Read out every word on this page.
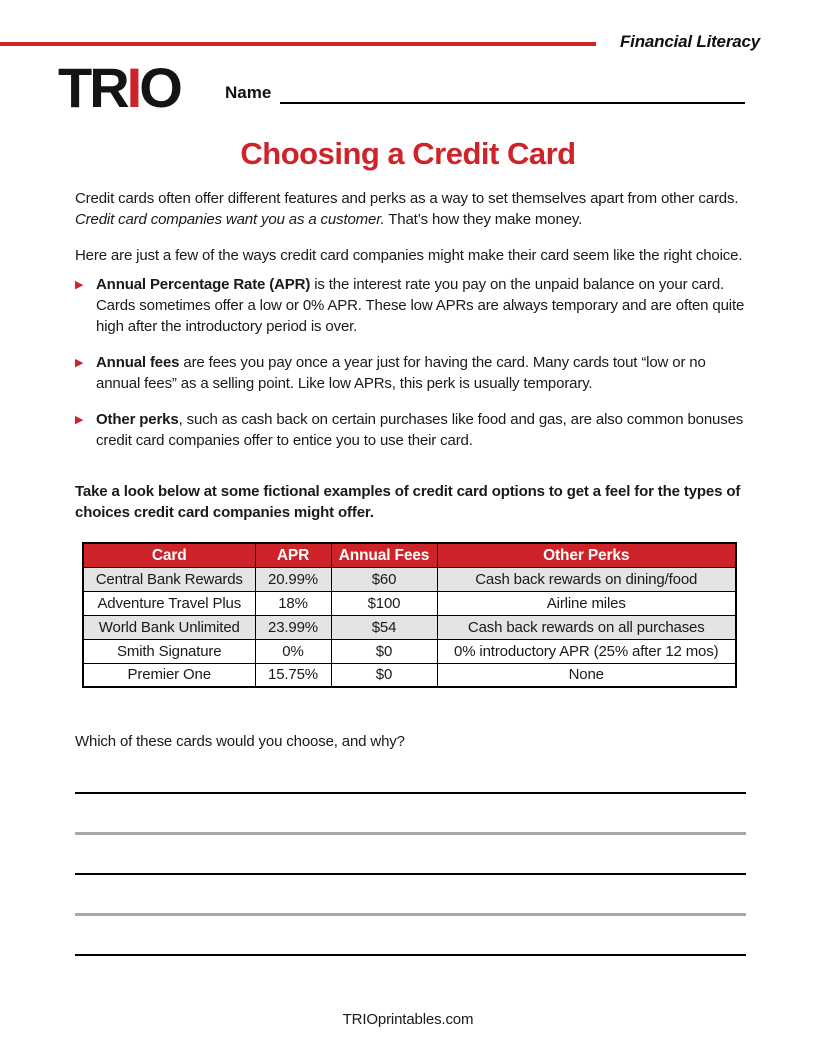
Financial Literacy
TRIO	Name
Choosing a Credit Card

Credit cards often offer different features and perks as a way to set themselves apart from other cards. Credit card companies want you as a customer. That’s how they make money.

Here are just a few of the ways credit card companies might make their card seem like the right choice.

▶ Annual Percentage Rate (APR) is the interest rate you pay on the unpaid balance on your card. Cards sometimes offer a low or 0% APR. These low APRs are always temporary and are often quite high after the introductory period is over.
▶ Annual fees are fees you pay once a year just for having the card. Many cards tout “low or no annual fees” as a selling point. Like low APRs, this perk is usually temporary.
▶ Other perks, such as cash back on certain purchases like food and gas, are also common bonuses credit card companies offer to entice you to use their card.

Take a look below at some fictional examples of credit card options to get a feel for the types of choices credit card companies might offer.

Card	APR	Annual Fees	Other Perks
Central Bank Rewards	20.99%	$60	Cash back rewards on dining/food
Adventure Travel Plus	18%	$100	Airline miles
World Bank Unlimited	23.99%	$54	Cash back rewards on all purchases
Smith Signature	0%	$0	0% introductory APR (25% after 12 mos)
Premier One	15.75%	$0	None

Which of these cards would you choose, and why?

TRIOprintables.com
